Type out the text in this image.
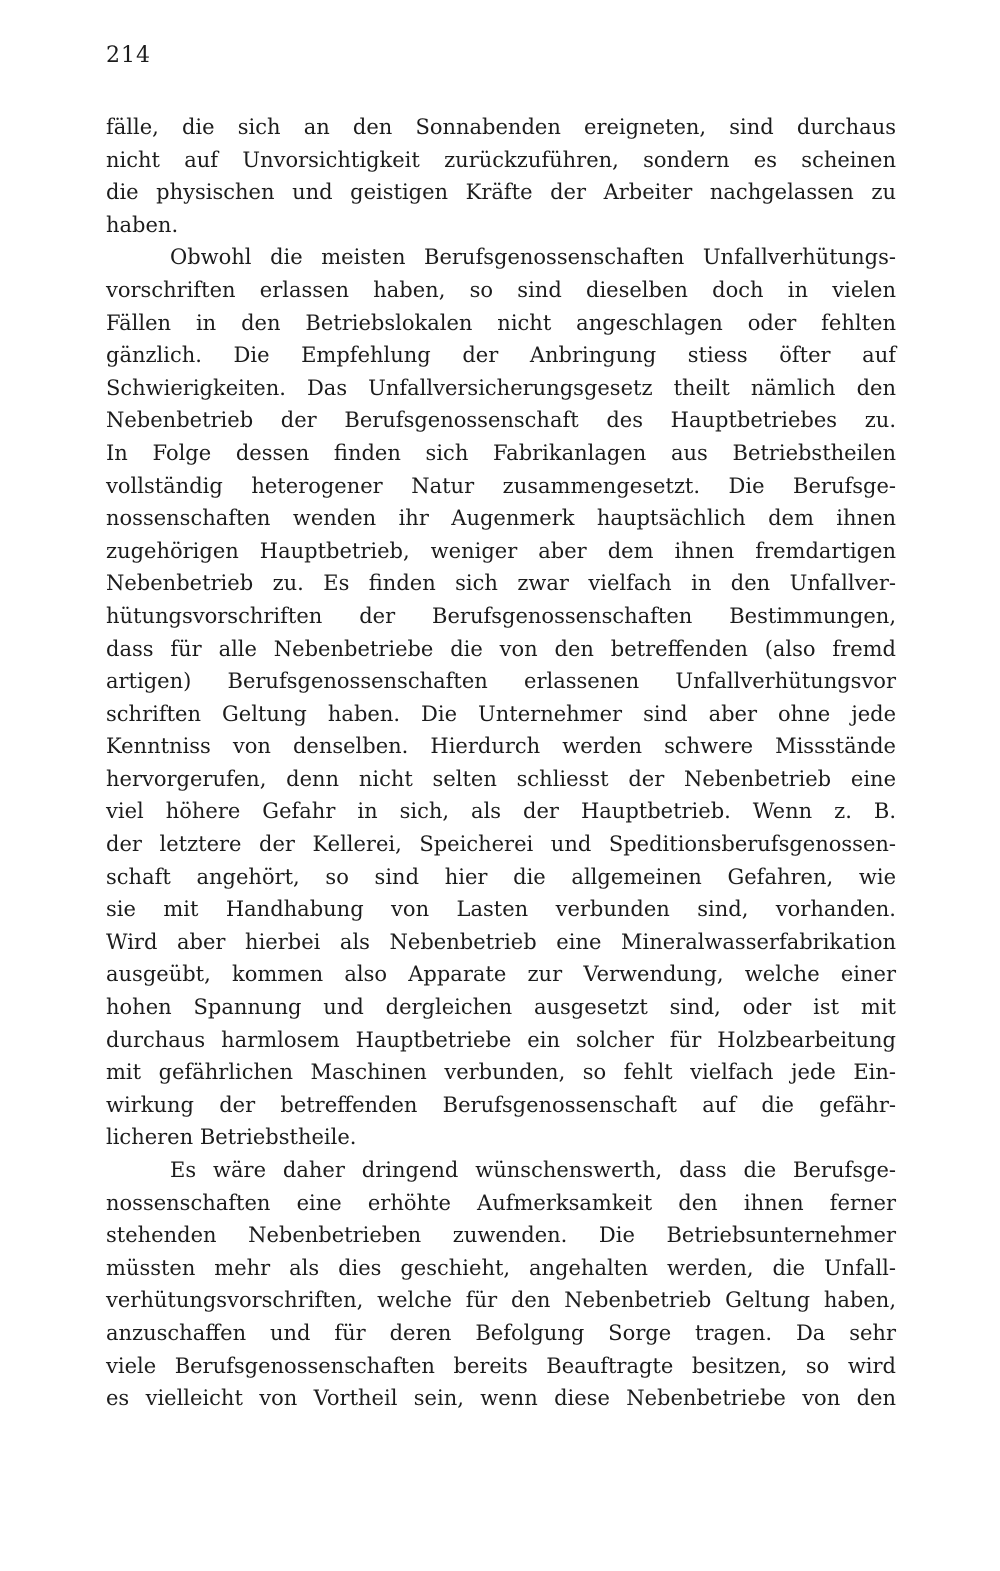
214
fälle, die sich an den Sonnabenden ereigneten, sind durchaus
nicht auf Unvorsichtigkeit zurückzuführen, sondern es scheinen
die physischen und geistigen Kräfte der Arbeiter nachgelassen zu
haben.
Obwohl die meisten Berufsgenossenschaften Unfallverhütungs-
vorschriften erlassen haben, so sind dieselben doch in vielen
Fällen in den Betriebslokalen nicht angeschlagen oder fehlten
gänzlich. Die Empfehlung der Anbringung stiess öfter auf
Schwierigkeiten. Das Unfallversicherungsgesetz theilt nämlich den
Nebenbetrieb der Berufsgenossenschaft des Hauptbetriebes zu.
In Folge dessen finden sich Fabrikanlagen aus Betriebstheilen
vollständig heterogener Natur zusammengesetzt. Die Berufsge-
nossenschaften wenden ihr Augenmerk hauptsächlich dem ihnen
zugehörigen Hauptbetrieb, weniger aber dem ihnen fremdartigen
Nebenbetrieb zu. Es finden sich zwar vielfach in den Unfallver-
hütungsvorschriften der Berufsgenossenschaften Bestimmungen,
dass für alle Nebenbetriebe die von den betreffenden (also fremd
artigen) Berufsgenossenschaften erlassenen Unfallverhütungsvor
schriften Geltung haben. Die Unternehmer sind aber ohne jede
Kenntniss von denselben. Hierdurch werden schwere Missstände
hervorgerufen, denn nicht selten schliesst der Nebenbetrieb eine
viel höhere Gefahr in sich, als der Hauptbetrieb. Wenn z. B.
der letztere der Kellerei, Speicherei und Speditionsberufsgenossen-
schaft angehört, so sind hier die allgemeinen Gefahren, wie
sie mit Handhabung von Lasten verbunden sind, vorhanden.
Wird aber hierbei als Nebenbetrieb eine Mineralwasserfabrikation
ausgeübt, kommen also Apparate zur Verwendung, welche einer
hohen Spannung und dergleichen ausgesetzt sind, oder ist mit
durchaus harmlosem Hauptbetriebe ein solcher für Holzbearbeitung
mit gefährlichen Maschinen verbunden, so fehlt vielfach jede Ein-
wirkung der betreffenden Berufsgenossenschaft auf die gefähr-
licheren Betriebstheile.
Es wäre daher dringend wünschenswerth, dass die Berufsge-
nossenschaften eine erhöhte Aufmerksamkeit den ihnen ferner
stehenden Nebenbetrieben zuwenden. Die Betriebsunternehmer
müssten mehr als dies geschieht, angehalten werden, die Unfall-
verhütungsvorschriften, welche für den Nebenbetrieb Geltung haben,
anzuschaffen und für deren Befolgung Sorge tragen. Da sehr
viele Berufsgenossenschaften bereits Beauftragte besitzen, so wird
es vielleicht von Vortheil sein, wenn diese Nebenbetriebe von den
